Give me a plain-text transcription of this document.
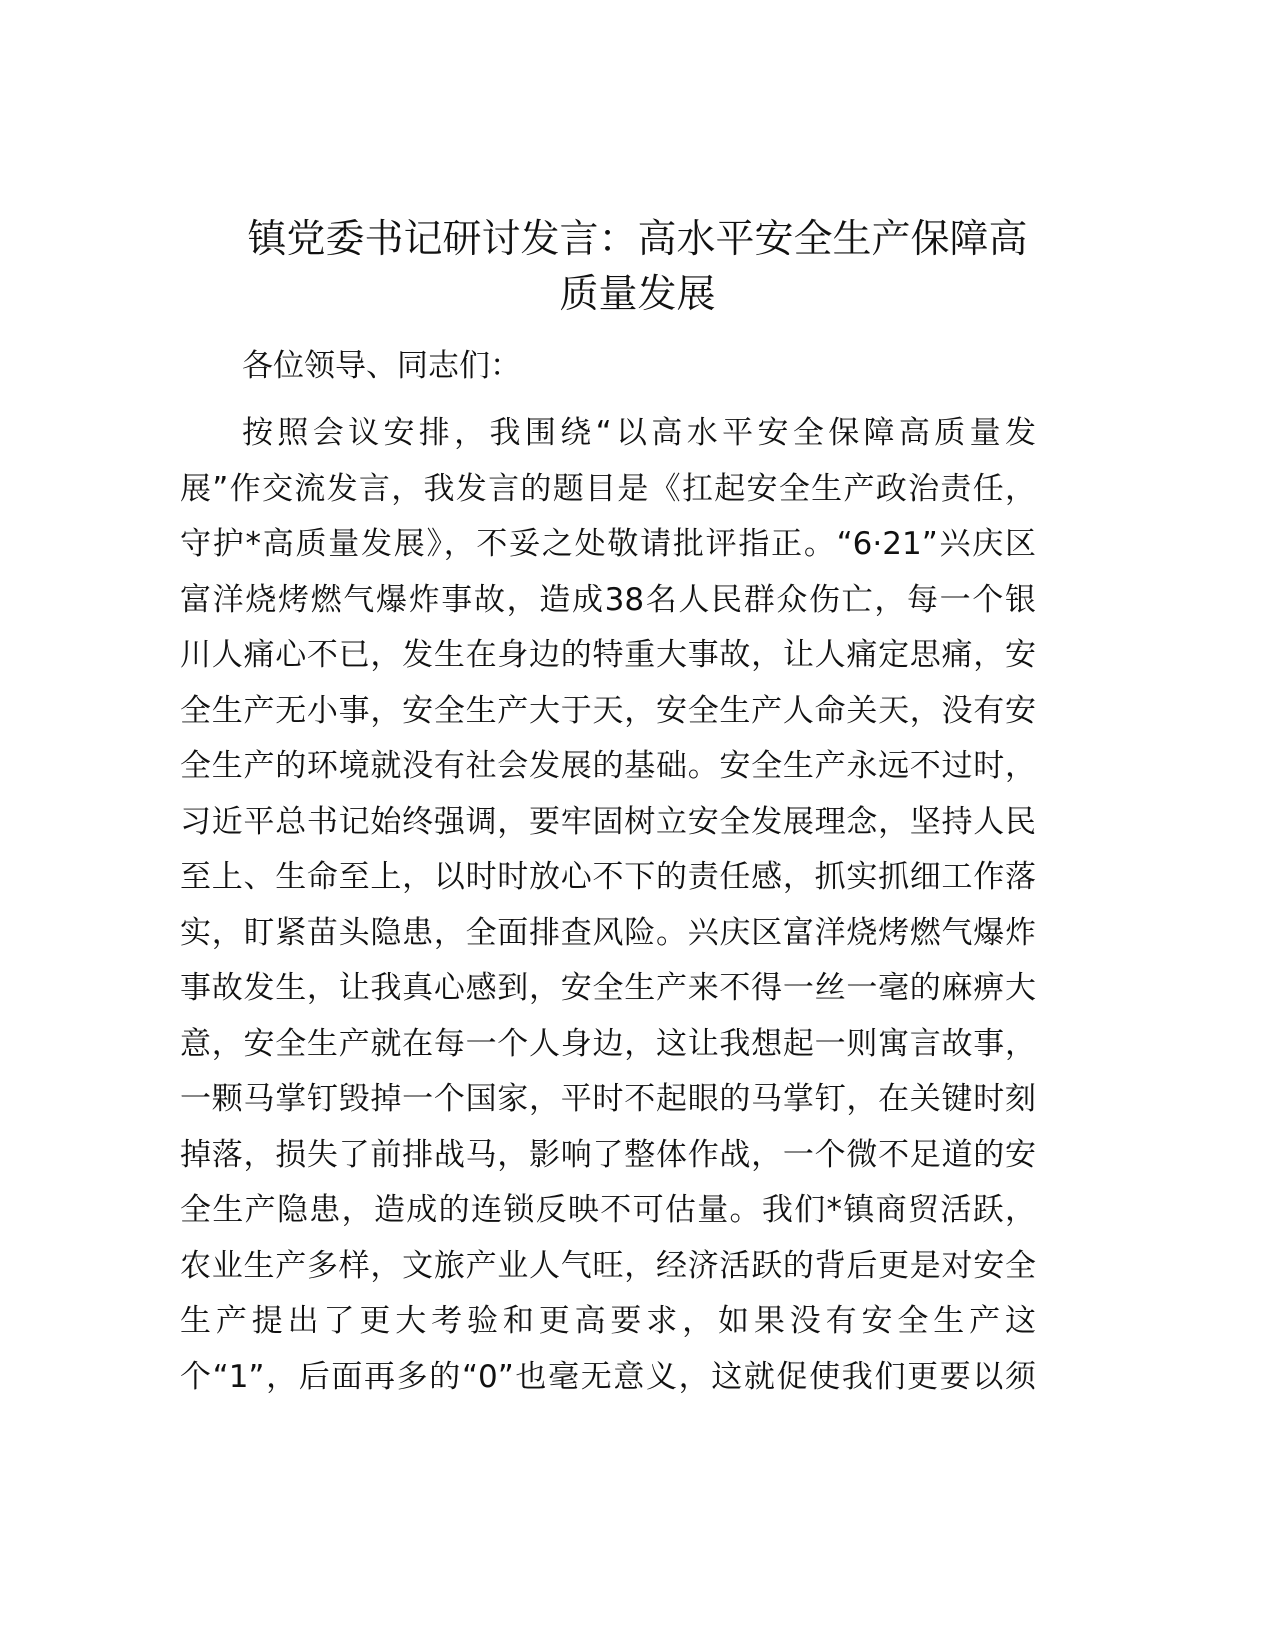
镇党委书记研讨发言：高水平安全生产保障高
质量发展
各位领导、同志们：
按照会议安排，我围绕“以高水平安全保障高质量发
展”作交流发言，我发言的题目是《扛起安全生产政治责任，
守护*高质量发展》，不妥之处敬请批评指正。“6·21”兴庆区
富洋烧烤燃气爆炸事故，造成38名人民群众伤亡，每一个银
川人痛心不已，发生在身边的特重大事故，让人痛定思痛，安
全生产无小事，安全生产大于天，安全生产人命关天，没有安
全生产的环境就没有社会发展的基础。安全生产永远不过时，
习近平总书记始终强调，要牢固树立安全发展理念，坚持人民
至上、生命至上，以时时放心不下的责任感，抓实抓细工作落
实，盯紧苗头隐患，全面排查风险。兴庆区富洋烧烤燃气爆炸
事故发生，让我真心感到，安全生产来不得一丝一毫的麻痹大
意，安全生产就在每一个人身边，这让我想起一则寓言故事，
一颗马掌钉毁掉一个国家，平时不起眼的马掌钉，在关键时刻
掉落，损失了前排战马，影响了整体作战，一个微不足道的安
全生产隐患，造成的连锁反映不可估量。我们*镇商贸活跃，
农业生产多样，文旅产业人气旺，经济活跃的背后更是对安全
生产提出了更大考验和更高要求，如果没有安全生产这
个“1”，后面再多的“0”也毫无意义，这就促使我们更要以须
